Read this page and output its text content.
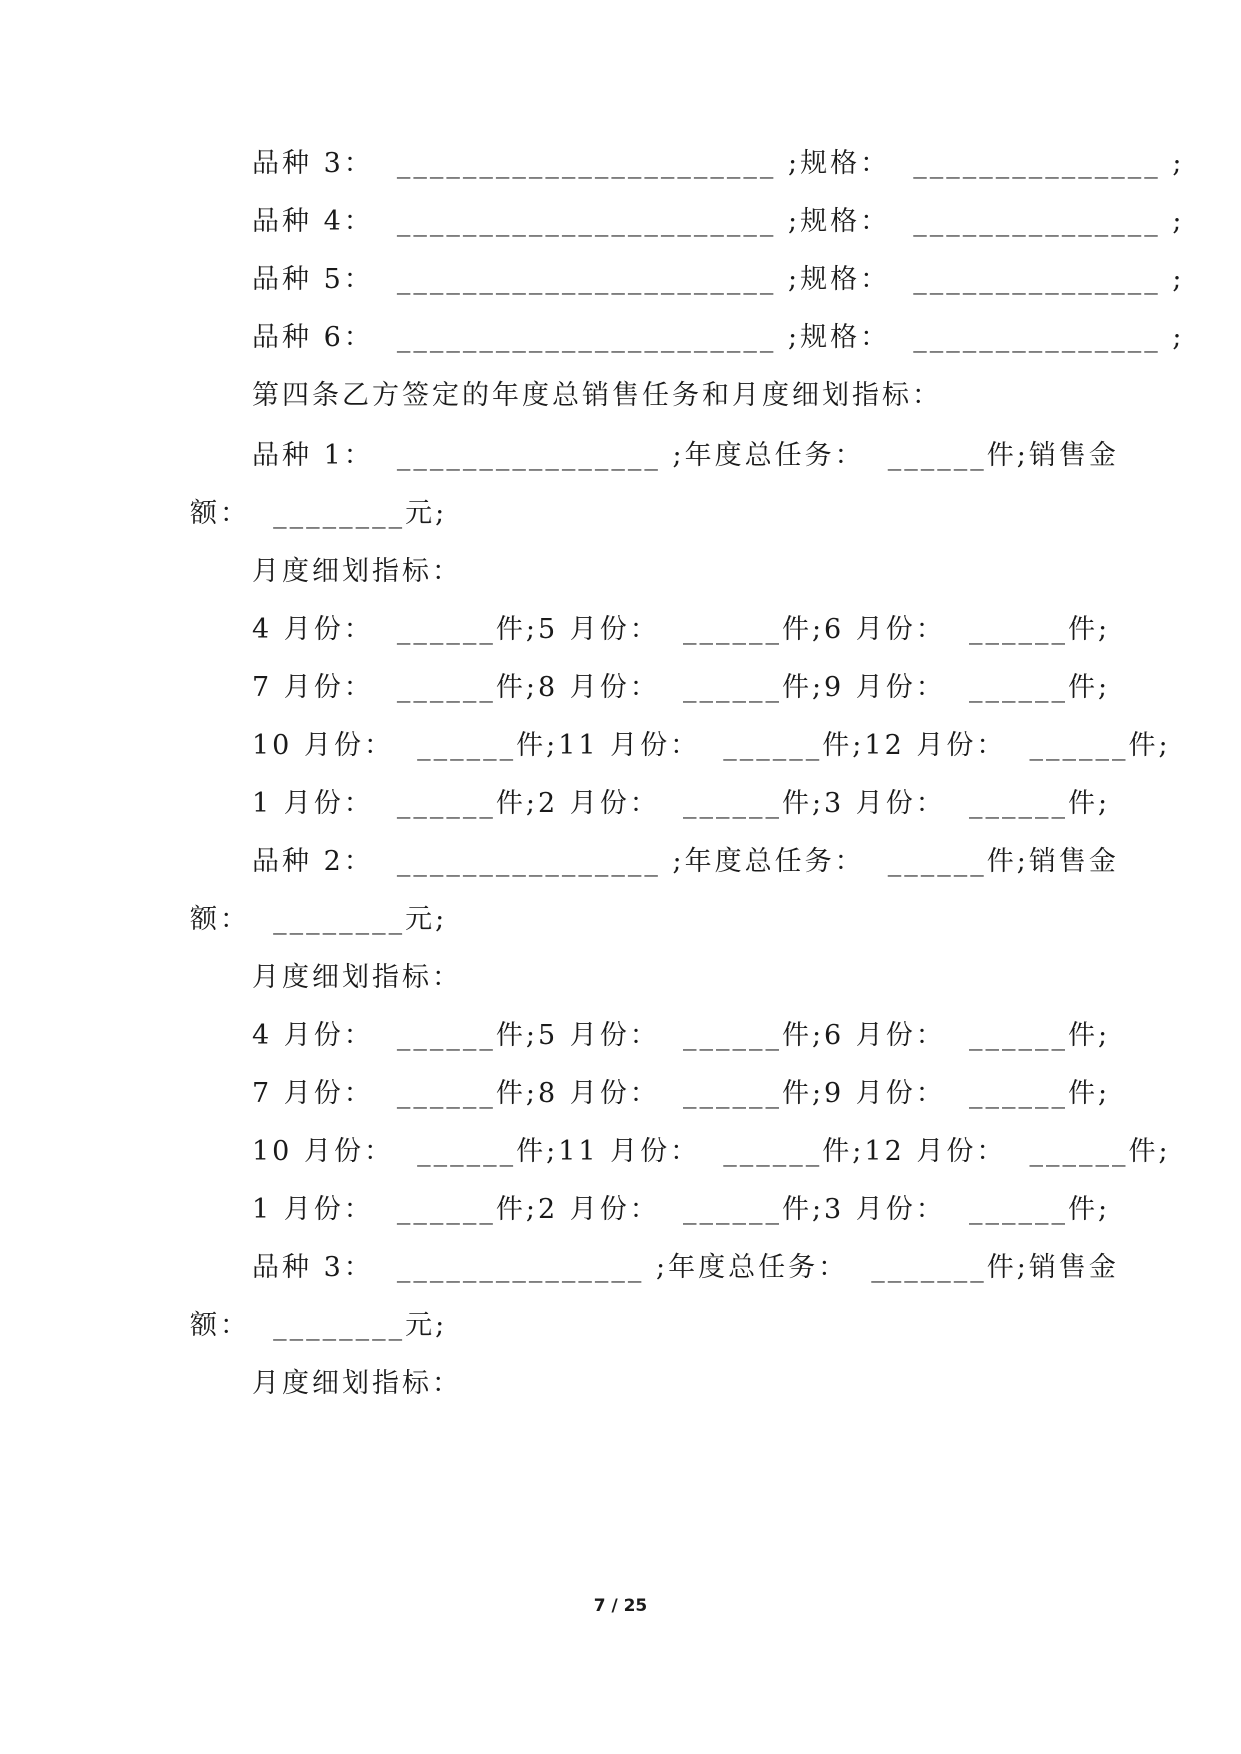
品种 3：  _______________________ ;规格：  _______________ ;
品种 4：  _______________________ ;规格：  _______________ ;
品种 5：  _______________________ ;规格：  _______________ ;
品种 6：  _______________________ ;规格：  _______________ ;
第四条乙方签定的年度总销售任务和月度细划指标：
品种 1：  ________________ ;年度总任务：  ______件;销售金
额：  ________元;
月度细划指标：
4 月份：  ______件;5 月份：  ______件;6 月份：  ______件;
7 月份：  ______件;8 月份：  ______件;9 月份：  ______件;
10 月份：  ______件;11 月份：  ______件;12 月份：  ______件;
1 月份：  ______件;2 月份：  ______件;3 月份：  ______件;
品种 2：  ________________ ;年度总任务：  ______件;销售金
额：  ________元;
月度细划指标：
4 月份：  ______件;5 月份：  ______件;6 月份：  ______件;
7 月份：  ______件;8 月份：  ______件;9 月份：  ______件;
10 月份：  ______件;11 月份：  ______件;12 月份：  ______件;
1 月份：  ______件;2 月份：  ______件;3 月份：  ______件;
品种 3：  _______________ ;年度总任务：  _______件;销售金
额：  ________元;
月度细划指标：
7 / 25
